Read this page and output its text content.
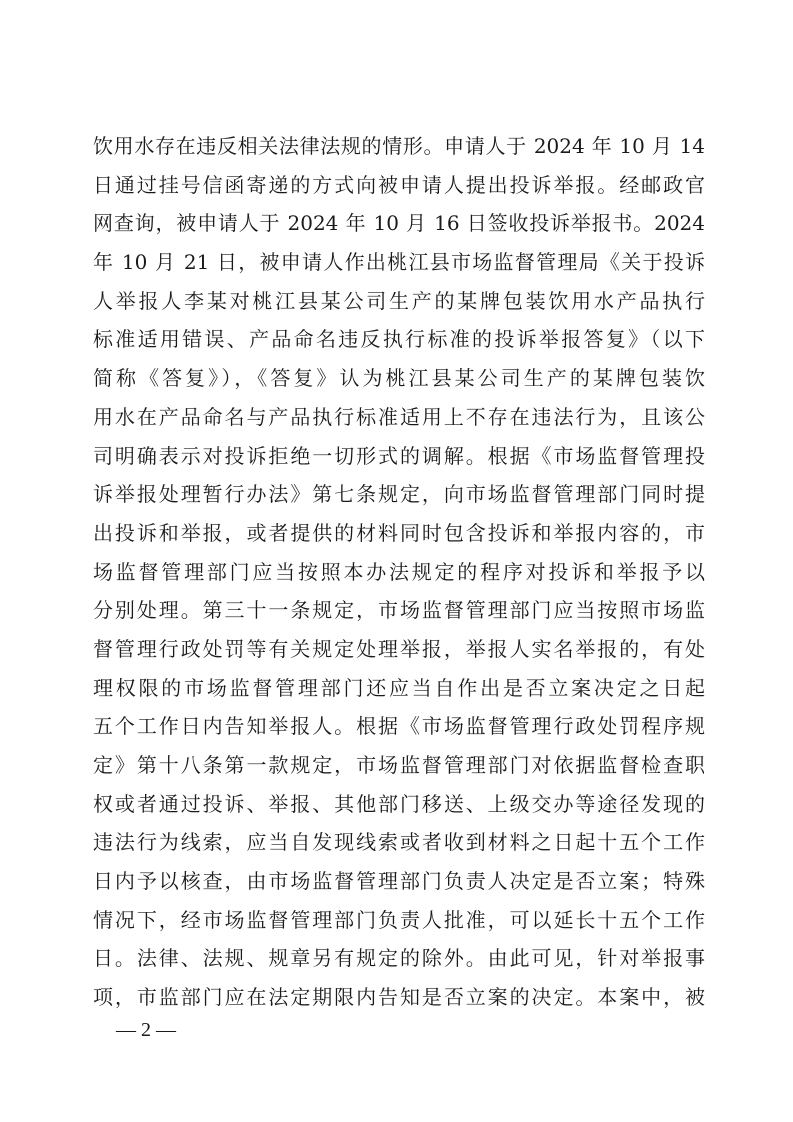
饮用水存在违反相关法律法规的情形。申请人于 2024 年 10 月 14
日通过挂号信函寄递的方式向被申请人提出投诉举报。经邮政官
网查询，被申请人于 2024 年 10 月 16 日签收投诉举报书。2024
年 10 月 21 日，被申请人作出桃江县市场监督管理局《关于投诉
人举报人李某对桃江县某公司生产的某牌包装饮用水产品执行
标准适用错误、产品命名违反执行标准的投诉举报答复》（以下
简称《答复》），《答复》认为桃江县某公司生产的某牌包装饮
用水在产品命名与产品执行标准适用上不存在违法行为，且该公
司明确表示对投诉拒绝一切形式的调解。根据《市场监督管理投
诉举报处理暂行办法》第七条规定，向市场监督管理部门同时提
出投诉和举报，或者提供的材料同时包含投诉和举报内容的，市
场监督管理部门应当按照本办法规定的程序对投诉和举报予以
分别处理。第三十一条规定，市场监督管理部门应当按照市场监
督管理行政处罚等有关规定处理举报，举报人实名举报的，有处
理权限的市场监督管理部门还应当自作出是否立案决定之日起
五个工作日内告知举报人。根据《市场监督管理行政处罚程序规
定》第十八条第一款规定，市场监督管理部门对依据监督检查职
权或者通过投诉、举报、其他部门移送、上级交办等途径发现的
违法行为线索，应当自发现线索或者收到材料之日起十五个工作
日内予以核查，由市场监督管理部门负责人决定是否立案；特殊
情况下，经市场监督管理部门负责人批准，可以延长十五个工作
日。法律、法规、规章另有规定的除外。由此可见，针对举报事
项，市监部门应在法定期限内告知是否立案的决定。本案中，被
— 2 —
